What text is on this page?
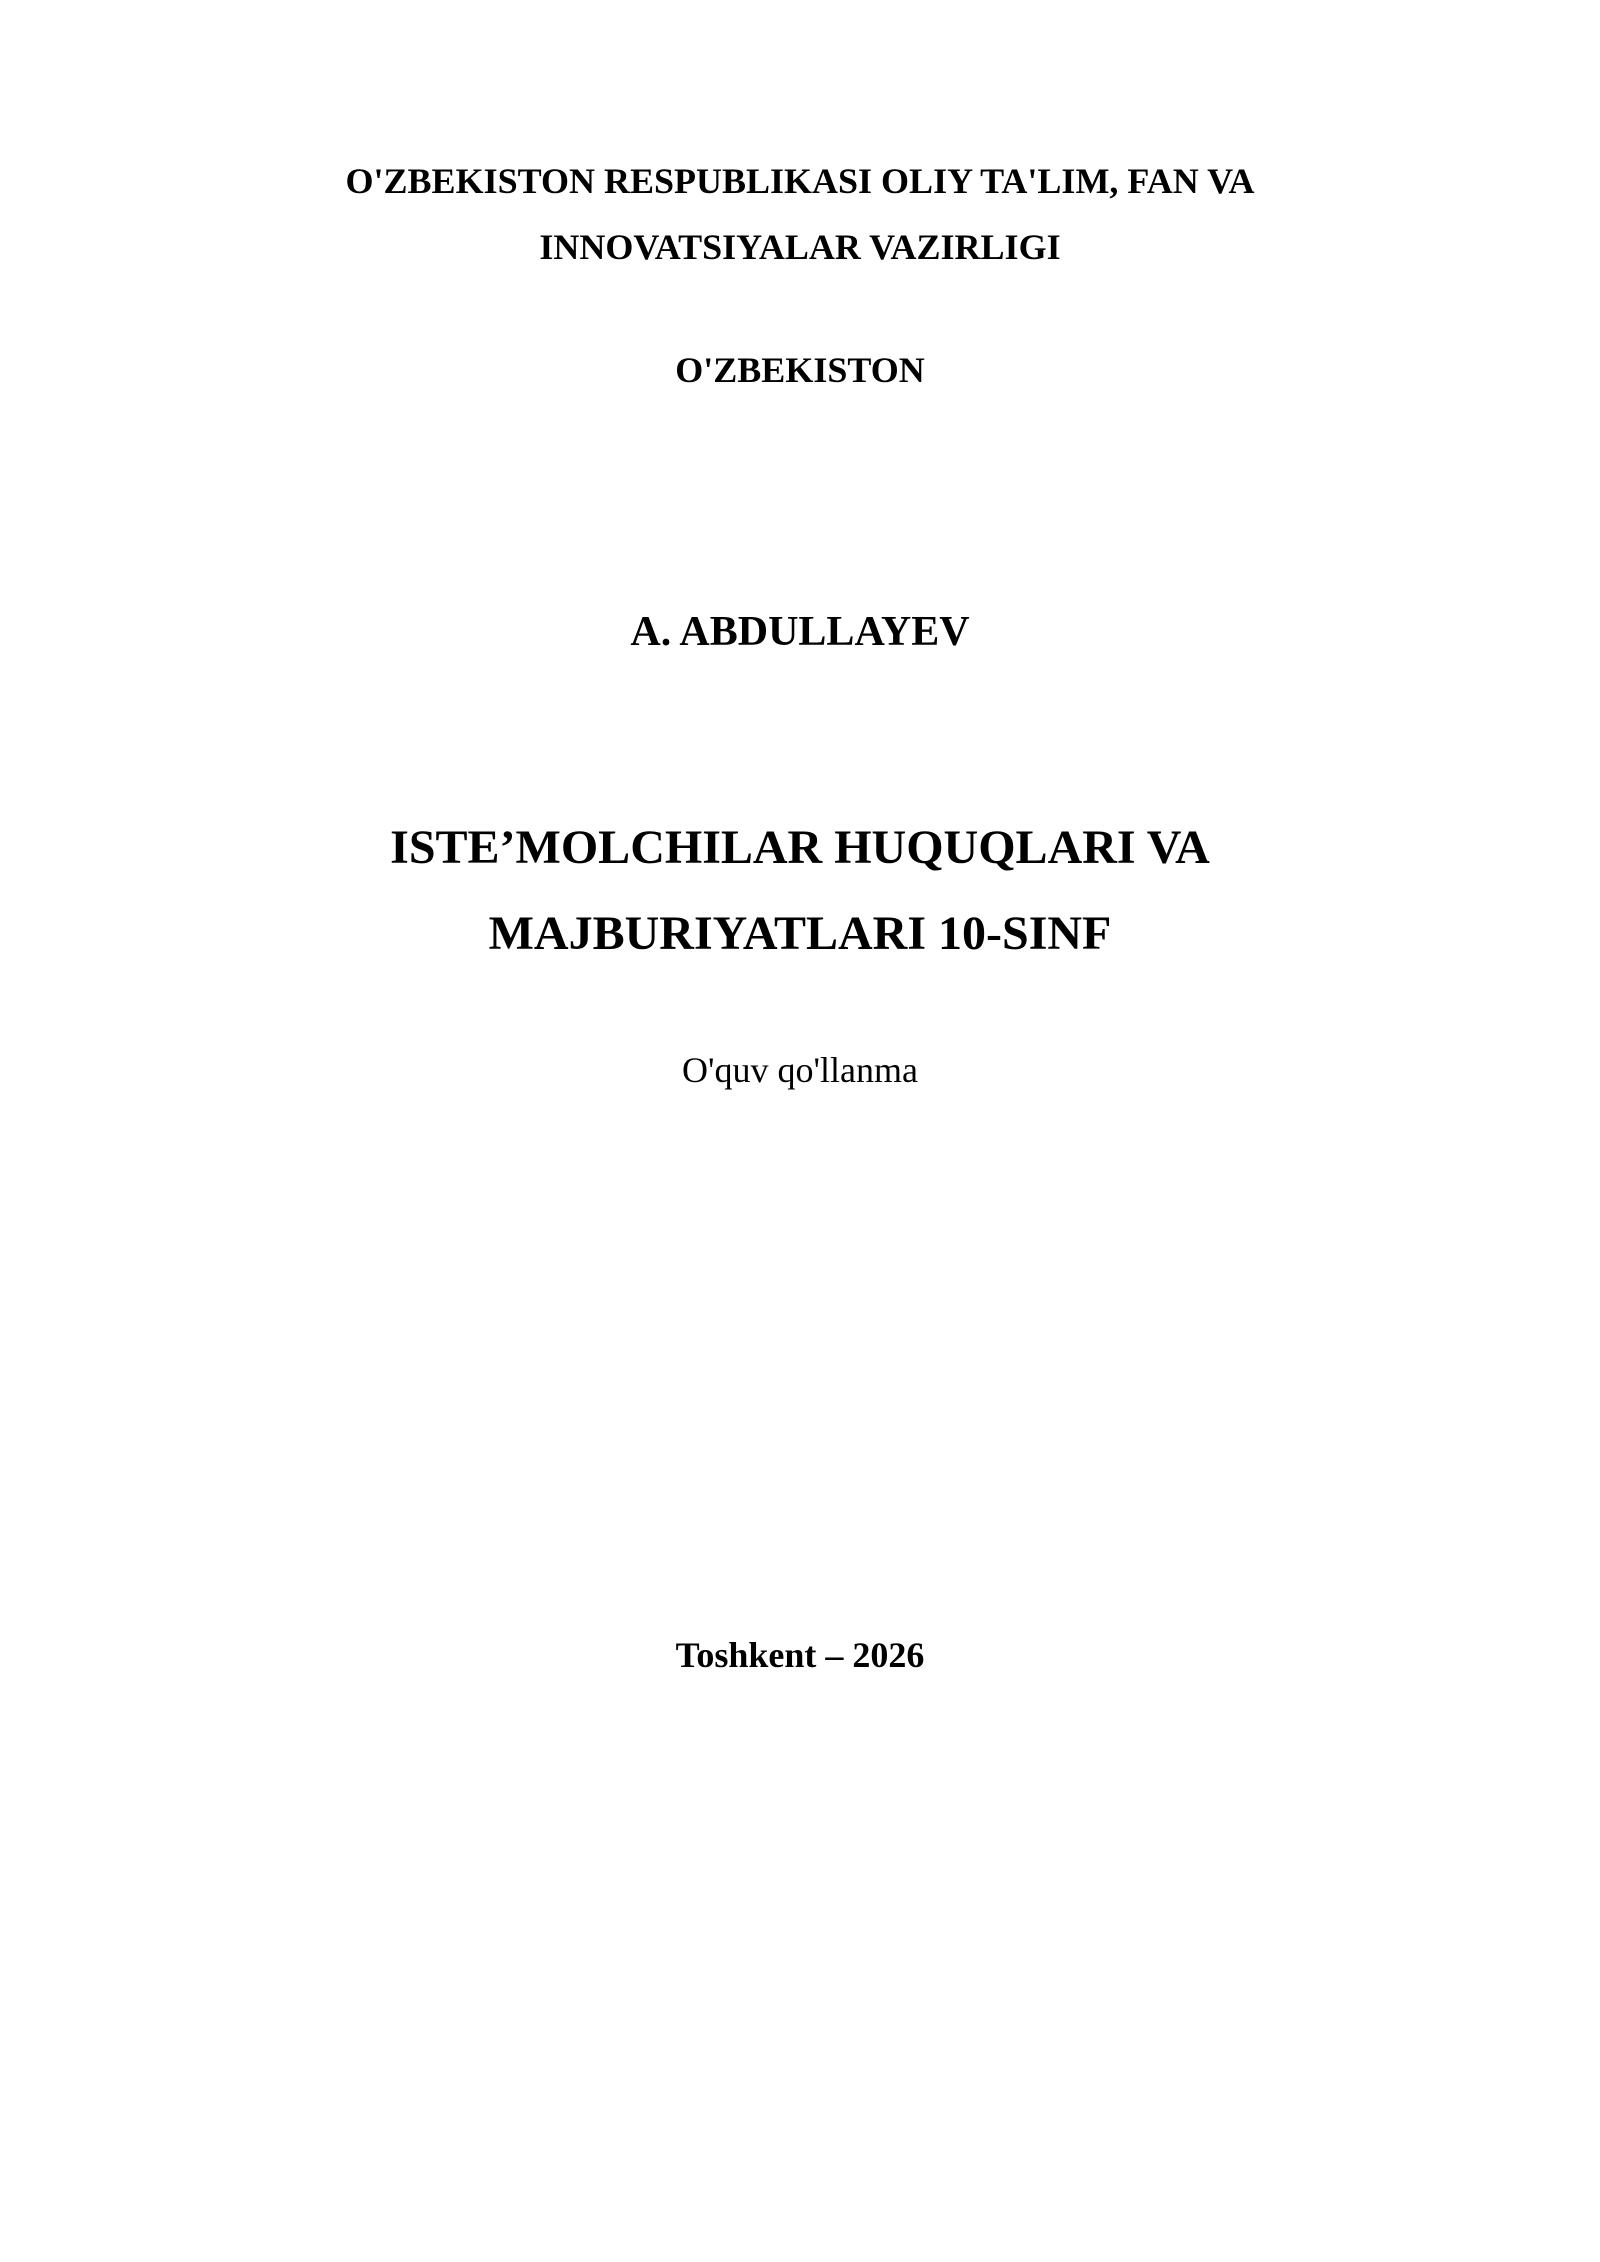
O'ZBEKISTON RESPUBLIKASI OLIY TA'LIM, FAN VA
INNOVATSIYALAR VAZIRLIGI
O'ZBEKISTON
A. ABDULLAYEV
ISTE’MOLCHILAR HUQUQLARI VA
MAJBURIYATLARI 10-SINF
O'quv qo'llanma
Toshkent – 2026
